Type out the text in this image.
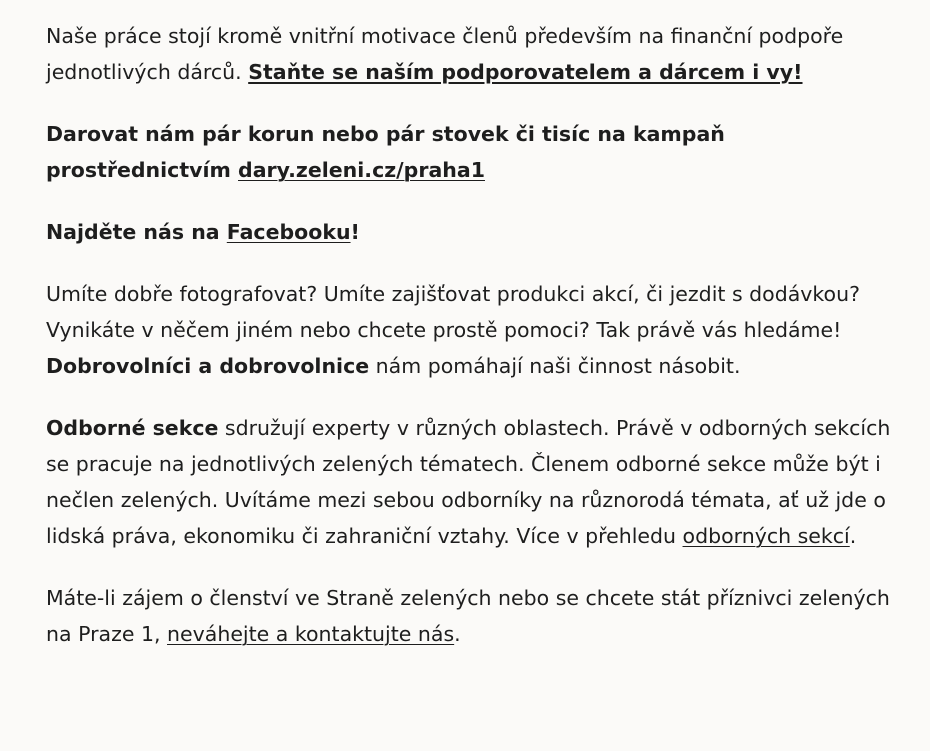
Naše práce stojí kromě vnitřní motivace členů především na finanční podpoře jednotlivých dárců. Staňte se naším podporovatelem a dárcem i vy!

Darovat nám pár korun nebo pár stovek či tisíc na kampaň prostřednictvím dary.zeleni.cz/praha1

Najděte nás na Facebooku!

Umíte dobře fotografovat? Umíte zajišťovat produkci akcí, či jezdit s dodávkou? Vynikáte v něčem jiném nebo chcete prostě pomoci? Tak právě vás hledáme! Dobrovolníci a dobrovolnice nám pomáhají naši činnost násobit.

Odborné sekce sdružují experty v různých oblastech. Právě v odborných sekcích se pracuje na jednotlivých zelených tématech. Členem odborné sekce může být i nečlen zelených. Uvítáme mezi sebou odborníky na různorodá témata, ať už jde o lidská práva, ekonomiku či zahraniční vztahy. Více v přehledu odborných sekcí.

Máte-li zájem o členství ve Straně zelených nebo se chcete stát příznivci zelených na Praze 1, neváhejte a kontaktujte nás.
